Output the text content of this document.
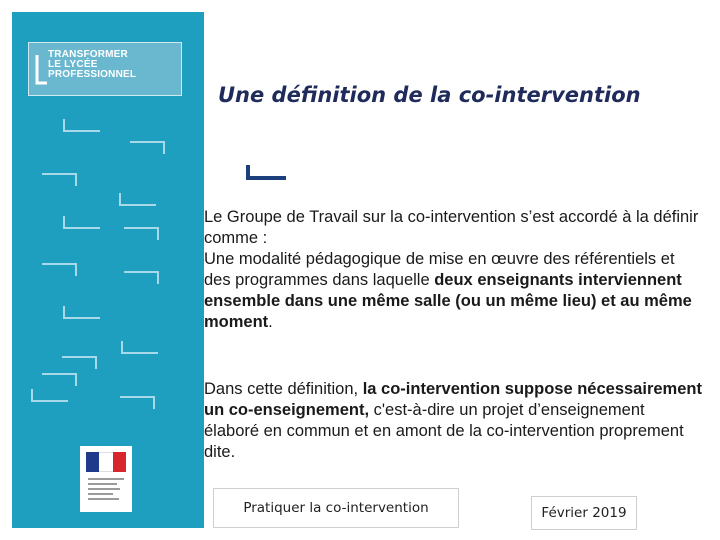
TRANSFORMER
LE LYCÉE
PROFESSIONNEL
Une définition de la co-intervention
Le Groupe de Travail sur la co-intervention s’est accordé à la définir comme :
Une modalité pédagogique de mise en œuvre des référentiels et des programmes dans laquelle deux enseignants interviennent ensemble dans une même salle (ou un même lieu) et au même moment.
Dans cette définition, la co-intervention suppose nécessairement un co-enseignement, c'est-à-dire un projet d’enseignement élaboré en commun et en amont de la co-intervention proprement dite.
Pratiquer la co-intervention	Février 2019
